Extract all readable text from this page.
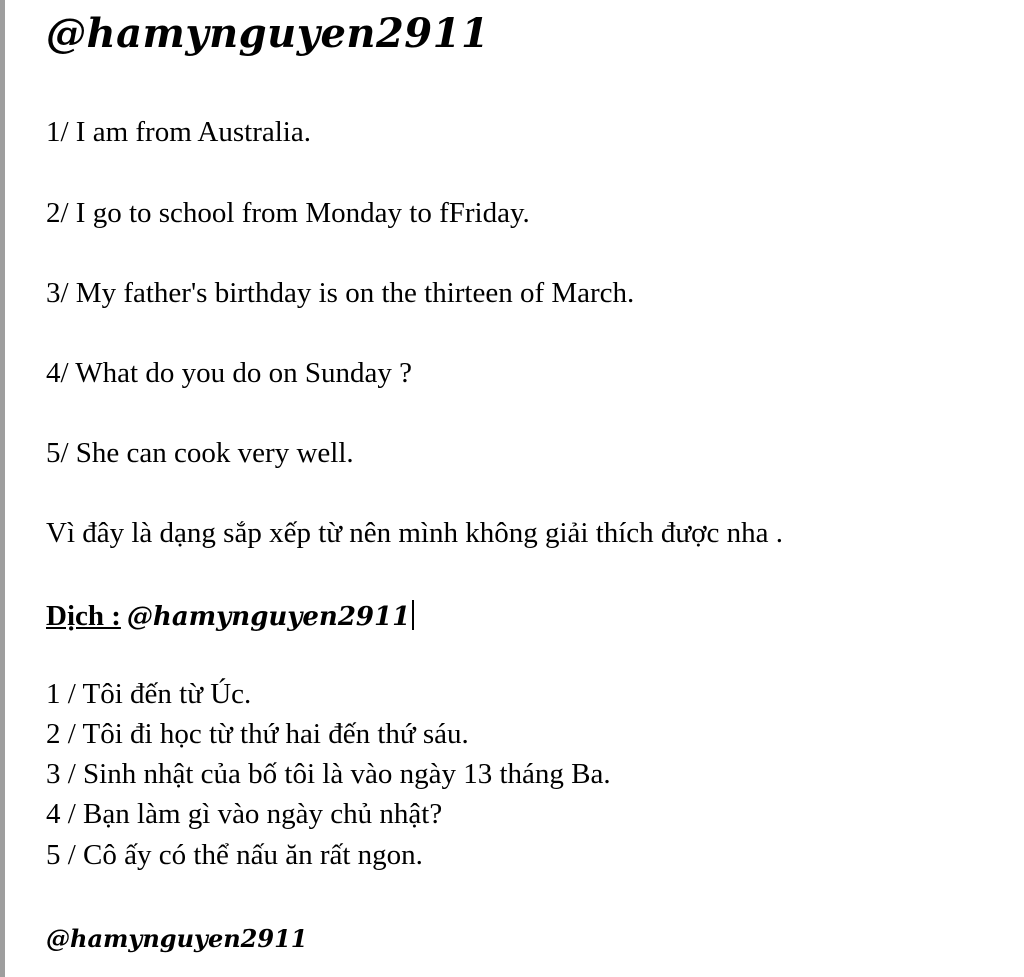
@hamynguyen2911
1/ I am from Australia.
2/ I go to school from Monday to fFriday.
3/ My father's birthday is on the thirteen of March.
4/ What do you do on Sunday ?
5/ She can cook very well.
Vì đây là dạng sắp xếp từ nên mình không giải thích được nha .
Dịch : @hamynguyen2911
1 / Tôi đến từ Úc.
2 / Tôi đi học từ thứ hai đến thứ sáu.
3 / Sinh nhật của bố tôi là vào ngày 13 tháng Ba.
4 / Bạn làm gì vào ngày chủ nhật?
5 / Cô ấy có thể nấu ăn rất ngon.
@hamynguyen2911
